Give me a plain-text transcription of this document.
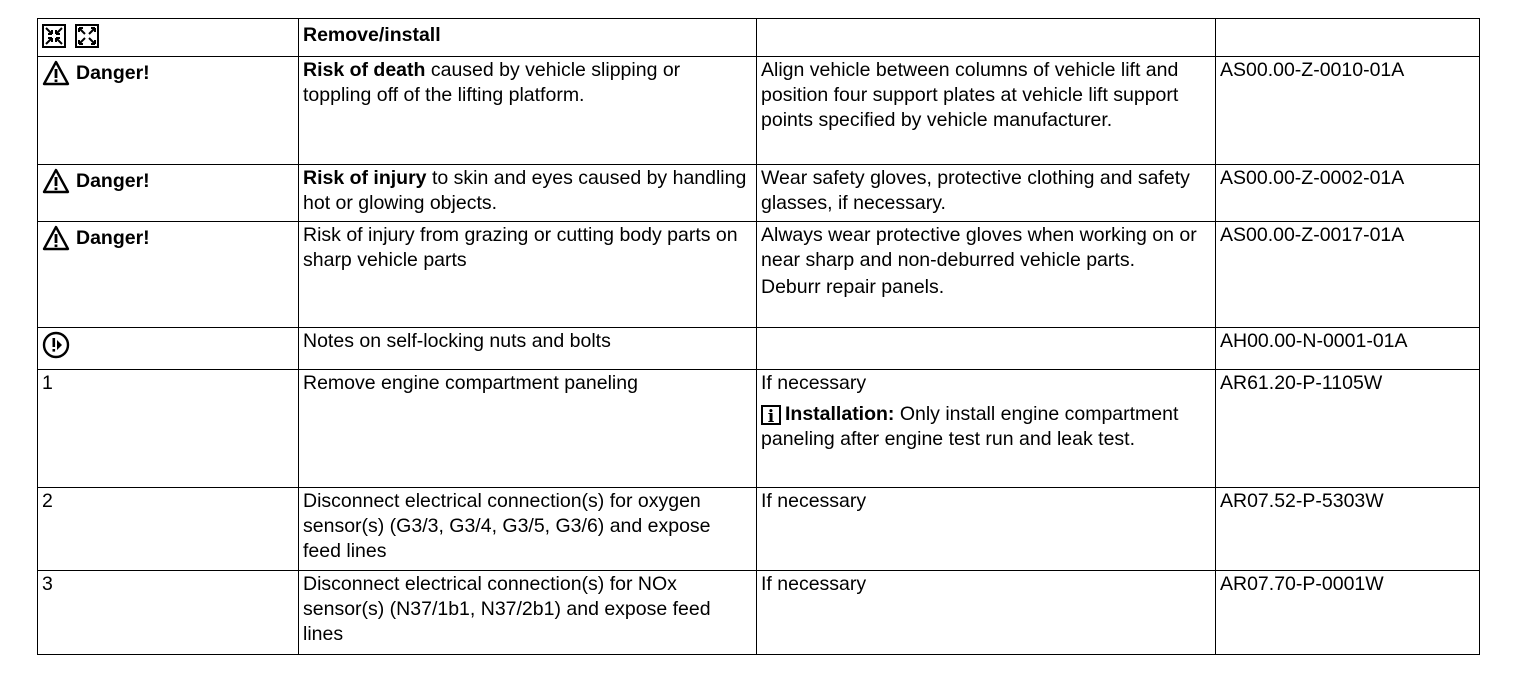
	Remove/install		

Danger!	Risk of death caused by vehicle slipping or toppling off of the lifting platform.	Align vehicle between columns of vehicle lift and position four support plates at vehicle lift support points specified by vehicle manufacturer.	AS00.00-Z-0010-01A

Danger!	Risk of injury to skin and eyes caused by handling hot or glowing objects.	Wear safety gloves, protective clothing and safety glasses, if necessary.	AS00.00-Z-0002-01A

Danger!	Risk of injury from grazing or cutting body parts on sharp vehicle parts	Always wear protective gloves when working on or near sharp and non-deburred vehicle parts.
Deburr repair panels.	AS00.00-Z-0017-01A
	Notes on self-locking nuts and bolts		AH00.00-N-0001-01A
1	Remove engine compartment paneling	If necessary
i Installation: Only install engine compartment paneling after engine test run and leak test.	AR61.20-P-1105W
2	Disconnect electrical connection(s) for oxygen sensor(s) (G3/3, G3/4, G3/5, G3/6) and expose feed lines	If necessary	AR07.52-P-5303W
3	Disconnect electrical connection(s) for NOx sensor(s) (N37/1b1, N37/2b1) and expose feed lines	If necessary	AR07.70-P-0001W
